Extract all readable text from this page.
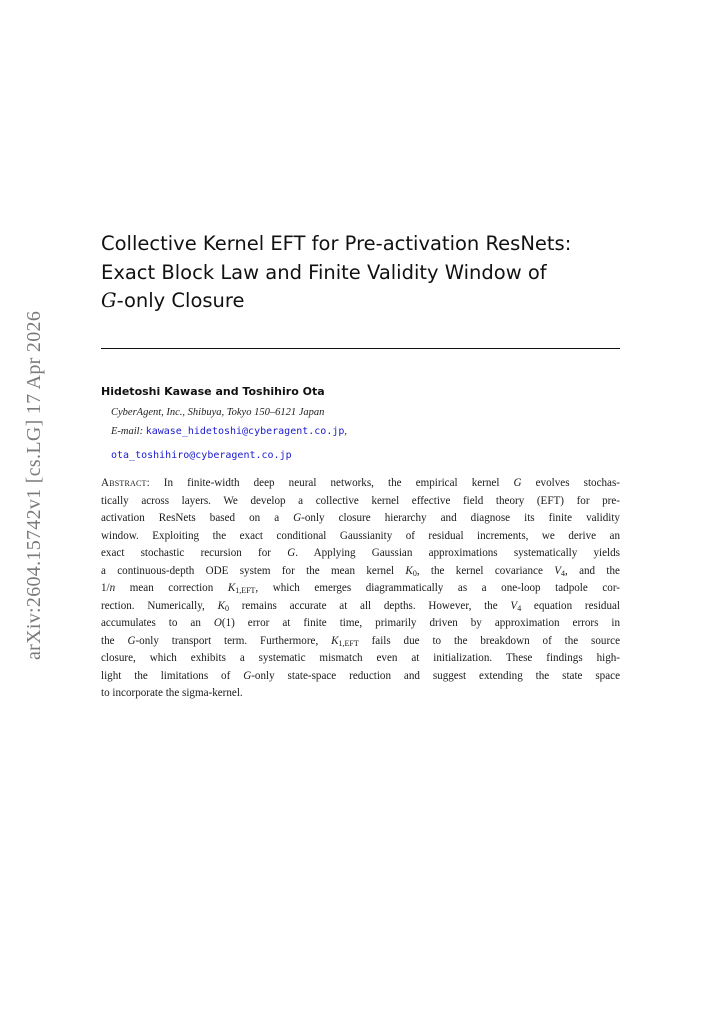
arXiv:2604.15742v1 [cs.LG] 17 Apr 2026
Collective Kernel EFT for Pre-activation ResNets:
Exact Block Law and Finite Validity Window of
G-only Closure
Hidetoshi Kawase and Toshihiro Ota
CyberAgent, Inc., Shibuya, Tokyo 150–6121 Japan
E-mail: kawase_hidetoshi@cyberagent.co.jp,
ota_toshihiro@cyberagent.co.jp
Abstract: In finite-width deep neural networks, the empirical kernel G evolves stochas-
tically across layers. We develop a collective kernel effective field theory (EFT) for pre-
activation ResNets based on a G-only closure hierarchy and diagnose its finite validity
window. Exploiting the exact conditional Gaussianity of residual increments, we derive an
exact stochastic recursion for G. Applying Gaussian approximations systematically yields
a continuous-depth ODE system for the mean kernel $K_0$, the kernel covariance $V_4$, and the
1/n mean correction $K_{1,EFT}$, which emerges diagrammatically as a one-loop tadpole cor-
rection. Numerically, $K_0$ remains accurate at all depths. However, the $V_4$ equation residual
accumulates to an O(1) error at finite time, primarily driven by approximation errors in
the G-only transport term. Furthermore, $K_{1,EFT}$ fails due to the breakdown of the source
closure, which exhibits a systematic mismatch even at initialization. These findings high-
light the limitations of G-only state-space reduction and suggest extending the state space
to incorporate the sigma-kernel.
